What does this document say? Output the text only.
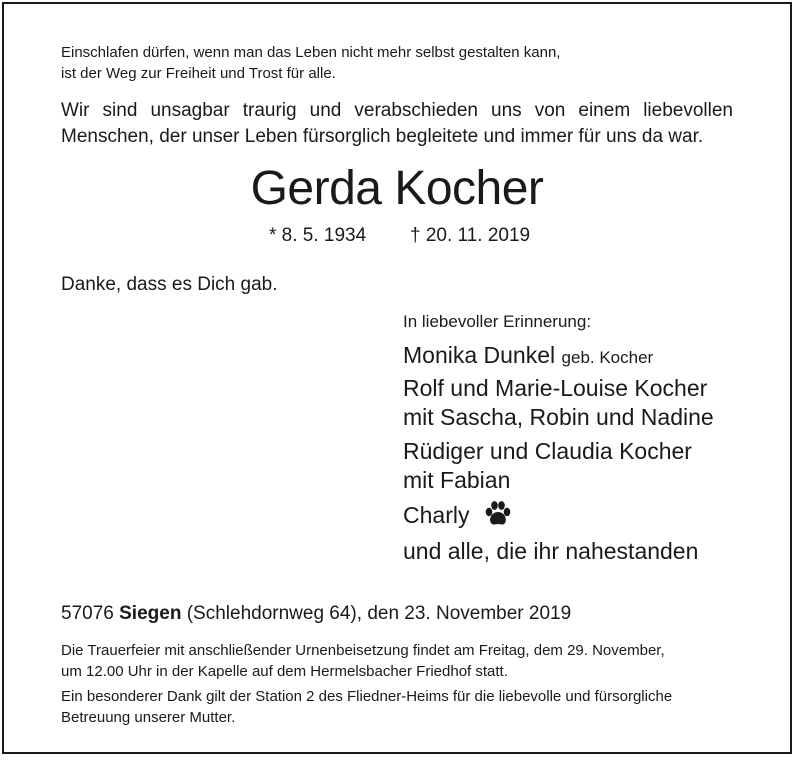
Einschlafen dürfen, wenn man das Leben nicht mehr selbst gestalten kann,
ist der Weg zur Freiheit und Trost für alle.
Wir sind unsagbar traurig und verabschieden uns von einem liebevollen
Menschen, der unser Leben fürsorglich begleitete und immer für uns da war.
Gerda Kocher
* 8. 5. 1934 † 20. 11. 2019
Danke, dass es Dich gab.
In liebevoller Erinnerung:
Monika Dunkel geb. Kocher
Rolf und Marie-Louise Kocher
mit Sascha, Robin und Nadine
Rüdiger und Claudia Kocher
mit Fabian
Charly
und alle, die ihr nahestanden
57076 Siegen (Schlehdornweg 64), den 23. November 2019
Die Trauerfeier mit anschließender Urnenbeisetzung findet am Freitag, dem 29. November,
um 12.00 Uhr in der Kapelle auf dem Hermelsbacher Friedhof statt.
Ein besonderer Dank gilt der Station 2 des Fliedner-Heims für die liebevolle und fürsorgliche
Betreuung unserer Mutter.
